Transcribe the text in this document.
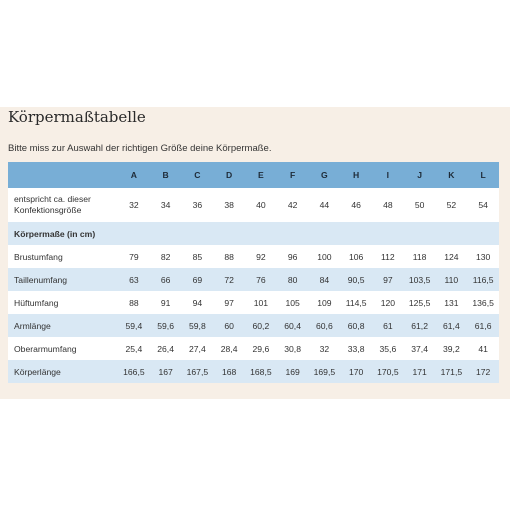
Körpermaßtabelle
Bitte miss zur Auswahl der richtigen Größe deine Körpermaße.
	A	B	C	D	E	F	G	H	I	J	K	L
entspricht ca. dieser Konfektionsgröße	32	34	36	38	40	42	44	46	48	50	52	54
Körpermaße (in cm)												
Brustumfang	79	82	85	88	92	96	100	106	112	118	124	130
Taillenumfang	63	66	69	72	76	80	84	90,5	97	103,5	110	116,5
Hüftumfang	88	91	94	97	101	105	109	114,5	120	125,5	131	136,5
Armlänge	59,4	59,6	59,8	60	60,2	60,4	60,6	60,8	61	61,2	61,4	61,6
Oberarmumfang	25,4	26,4	27,4	28,4	29,6	30,8	32	33,8	35,6	37,4	39,2	41
Körperlänge	166,5	167	167,5	168	168,5	169	169,5	170	170,5	171	171,5	172
